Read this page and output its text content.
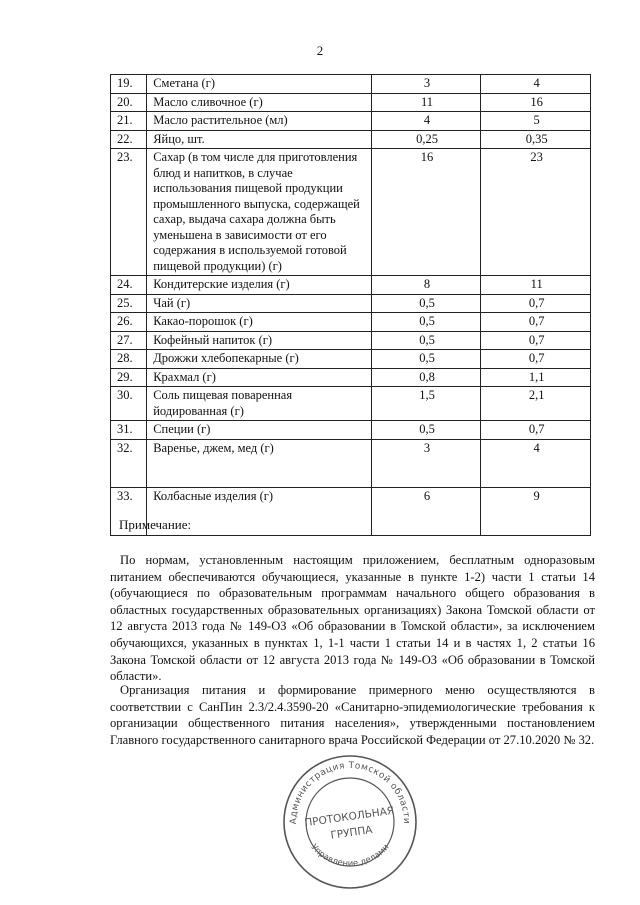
2
19.	Сметана (г)	3	4
20.	Масло сливочное (г)	11	16
21.	Масло растительное (мл)	4	5
22.	Яйцо, шт.	0,25	0,35
23.	Сахар (в том числе для приготовления блюд и напитков, в случае использования пищевой продукции промышленного выпуска, содержащей сахар, выдача сахара должна быть уменьшена в зависимости от его содержания в используемой готовой пищевой продукции) (г)	16	23
24.	Кондитерские изделия (г)	8	11
25.	Чай (г)	0,5	0,7
26.	Какао-порошок (г)	0,5	0,7
27.	Кофейный напиток (г)	0,5	0,7
28.	Дрожжи хлебопекарные (г)	0,5	0,7
29.	Крахмал (г)	0,8	1,1
30.	Соль пищевая поваренная йодированная (г)	1,5	2,1
31.	Специи (г)	0,5	0,7
32.	Варенье, джем, мед (г)	3	4
33.	Колбасные изделия (г)	6	9
Примечание:
По нормам, установленным настоящим приложением, бесплатным одноразовым питанием обеспечиваются обучающиеся, указанные в пункте 1-2) части 1 статьи 14 (обучающиеся по образовательным программам начального общего образования в областных государственных образовательных организациях) Закона Томской области от 12 августа 2013 года № 149-ОЗ «Об образовании в Томской области», за исключением обучающихся, указанных в пунктах 1, 1-1 части 1 статьи 14 и в частях 1, 2 статьи 16 Закона Томской области от 12 августа 2013 года № 149-ОЗ «Об образовании в Томской области».
Организация питания и формирование примерного меню осуществляются в соответствии с СанПин 2.3/2.4.3590-20 «Санитарно-эпидемиологические требования к организации общественного питания населения», утвержденными постановлением Главного государственного санитарного врача Российской Федерации от 27.10.2020 № 32.
Администрация Томской области
Управление делами
ПРОТОКОЛЬНАЯ
ГРУППА
